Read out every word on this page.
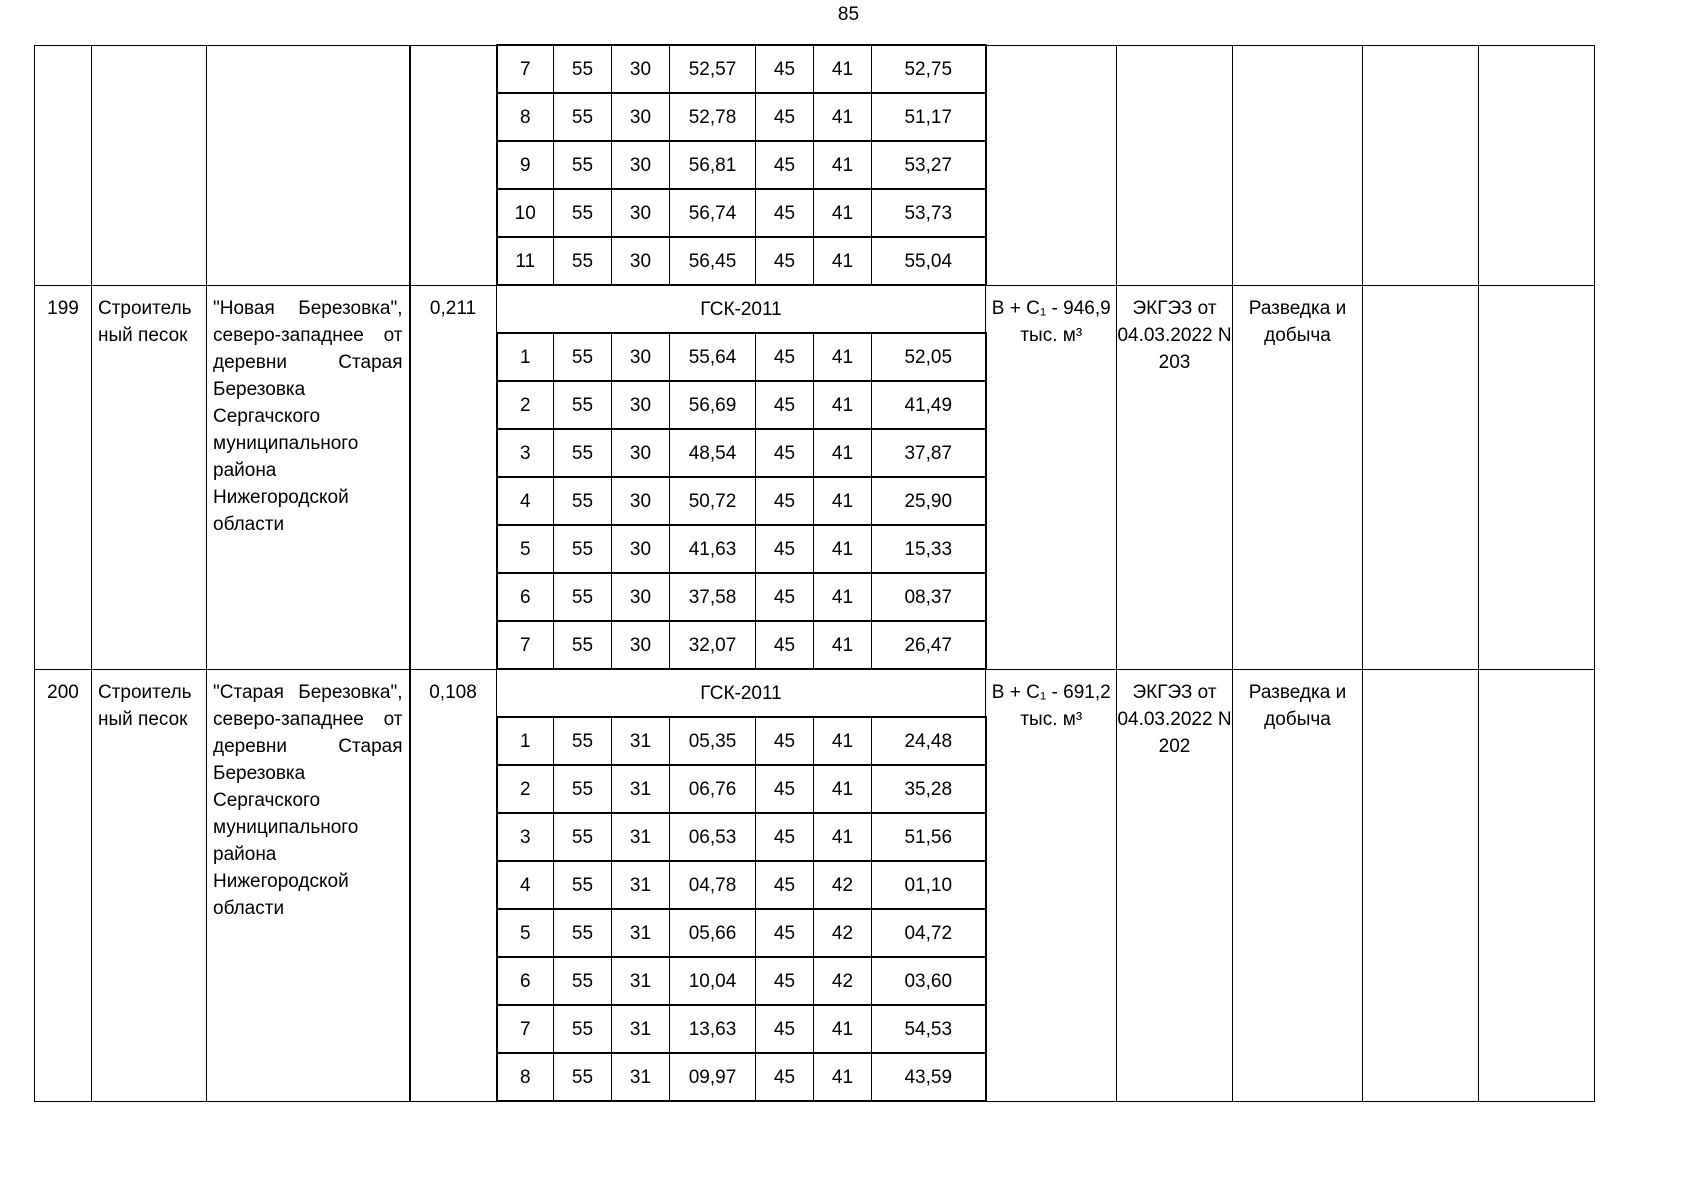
85
				7	55	30	52,57	45	41	52,75					
				8	55	30	52,78	45	41	51,17					
				9	55	30	56,81	45	41	53,27					
				10	55	30	56,74	45	41	53,73					
				11	55	30	56,45	45	41	55,04					
199	Строитель ный песок	"Новая Березовка", северо-западнее от деревни Старая Березовка Сергачского муниципального района Нижегородской области	0,211	ГСК-2011							B + C₁ - 946,9 тыс. м³	ЭКГЭЗ от 04.03.2022 N 203	Разведка и добыча		
				1	55	30	55,64	45	41	52,05					
				2	55	30	56,69	45	41	41,49					
				3	55	30	48,54	45	41	37,87					
				4	55	30	50,72	45	41	25,90					
				5	55	30	41,63	45	41	15,33					
				6	55	30	37,58	45	41	08,37					
				7	55	30	32,07	45	41	26,47					
200	Строитель ный песок	"Старая Березовка", северо-западнее от деревни Старая Березовка Сергачского муниципального района Нижегородской области	0,108	ГСК-2011							B + C₁ - 691,2 тыс. м³	ЭКГЭЗ от 04.03.2022 N 202	Разведка и добыча		
				1	55	31	05,35	45	41	24,48					
				2	55	31	06,76	45	41	35,28					
				3	55	31	06,53	45	41	51,56					
				4	55	31	04,78	45	42	01,10					
				5	55	31	05,66	45	42	04,72					
				6	55	31	10,04	45	42	03,60					
				7	55	31	13,63	45	41	54,53					
				8	55	31	09,97	45	41	43,59					
